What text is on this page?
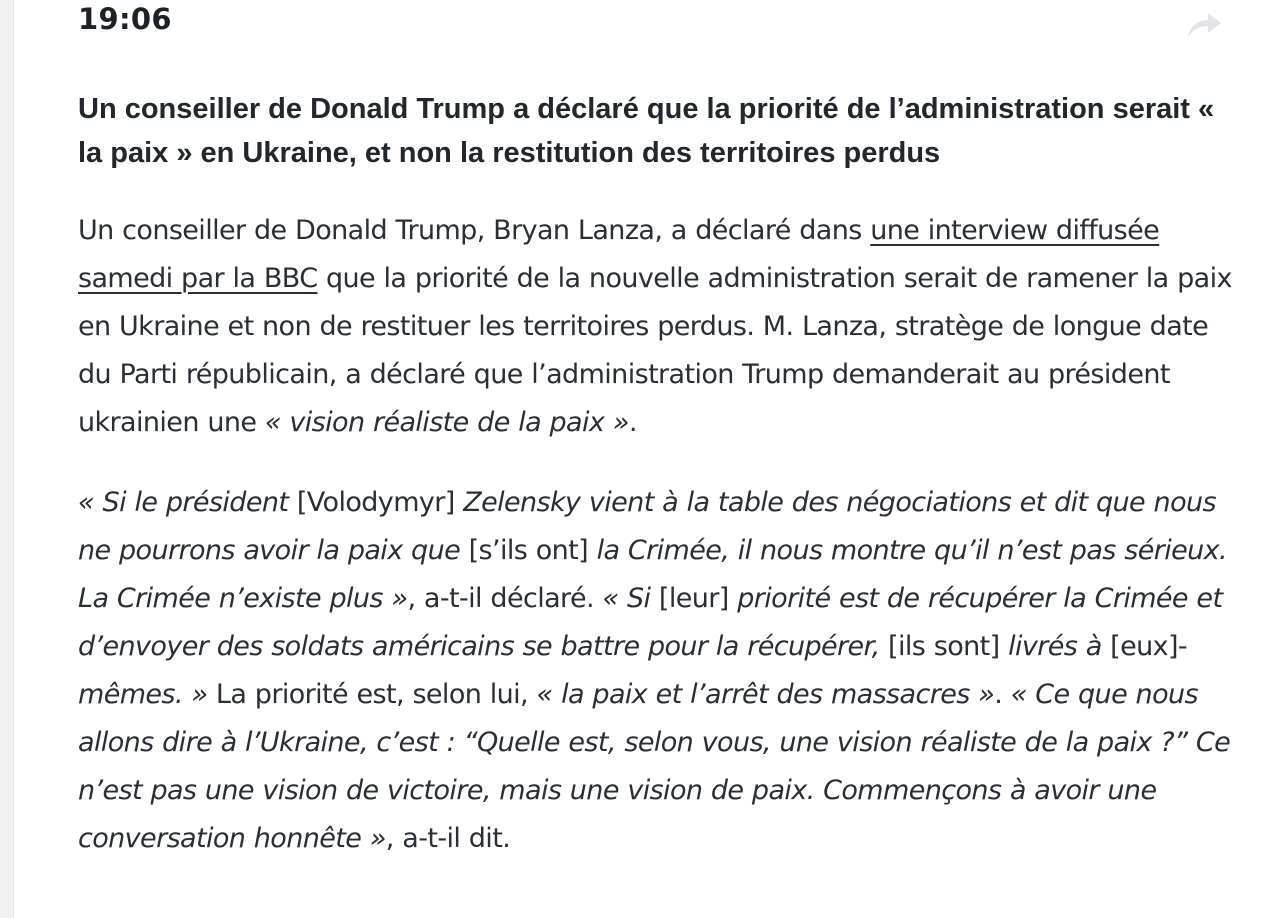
19:06
Un conseiller de Donald Trump a déclaré que la priorité de l’administration serait « la paix » en Ukraine, et non la restitution des territoires perdus

Un conseiller de Donald Trump, Bryan Lanza, a déclaré dans une interview diffusée samedi par la BBC que la priorité de la nouvelle administration serait de ramener la paix en Ukraine et non de restituer les territoires perdus. M. Lanza, stratège de longue date du Parti républicain, a déclaré que l’administration Trump demanderait au président ukrainien une « vision réaliste de la paix ».

« Si le président [Volodymyr] Zelensky vient à la table des négociations et dit que nous ne pourrons avoir la paix que [s’ils ont] la Crimée, il nous montre qu’il n’est pas sérieux. La Crimée n’existe plus », a-t-il déclaré. « Si [leur] priorité est de récupérer la Crimée et d’envoyer des soldats américains se battre pour la récupérer, [ils sont] livrés à [eux]-mêmes. » La priorité est, selon lui, « la paix et l’arrêt des massacres ». « Ce que nous allons dire à l’Ukraine, c’est : “Quelle est, selon vous, une vision réaliste de la paix ?” Ce n’est pas une vision de victoire, mais une vision de paix. Commençons à avoir une conversation honnête », a-t-il dit.
